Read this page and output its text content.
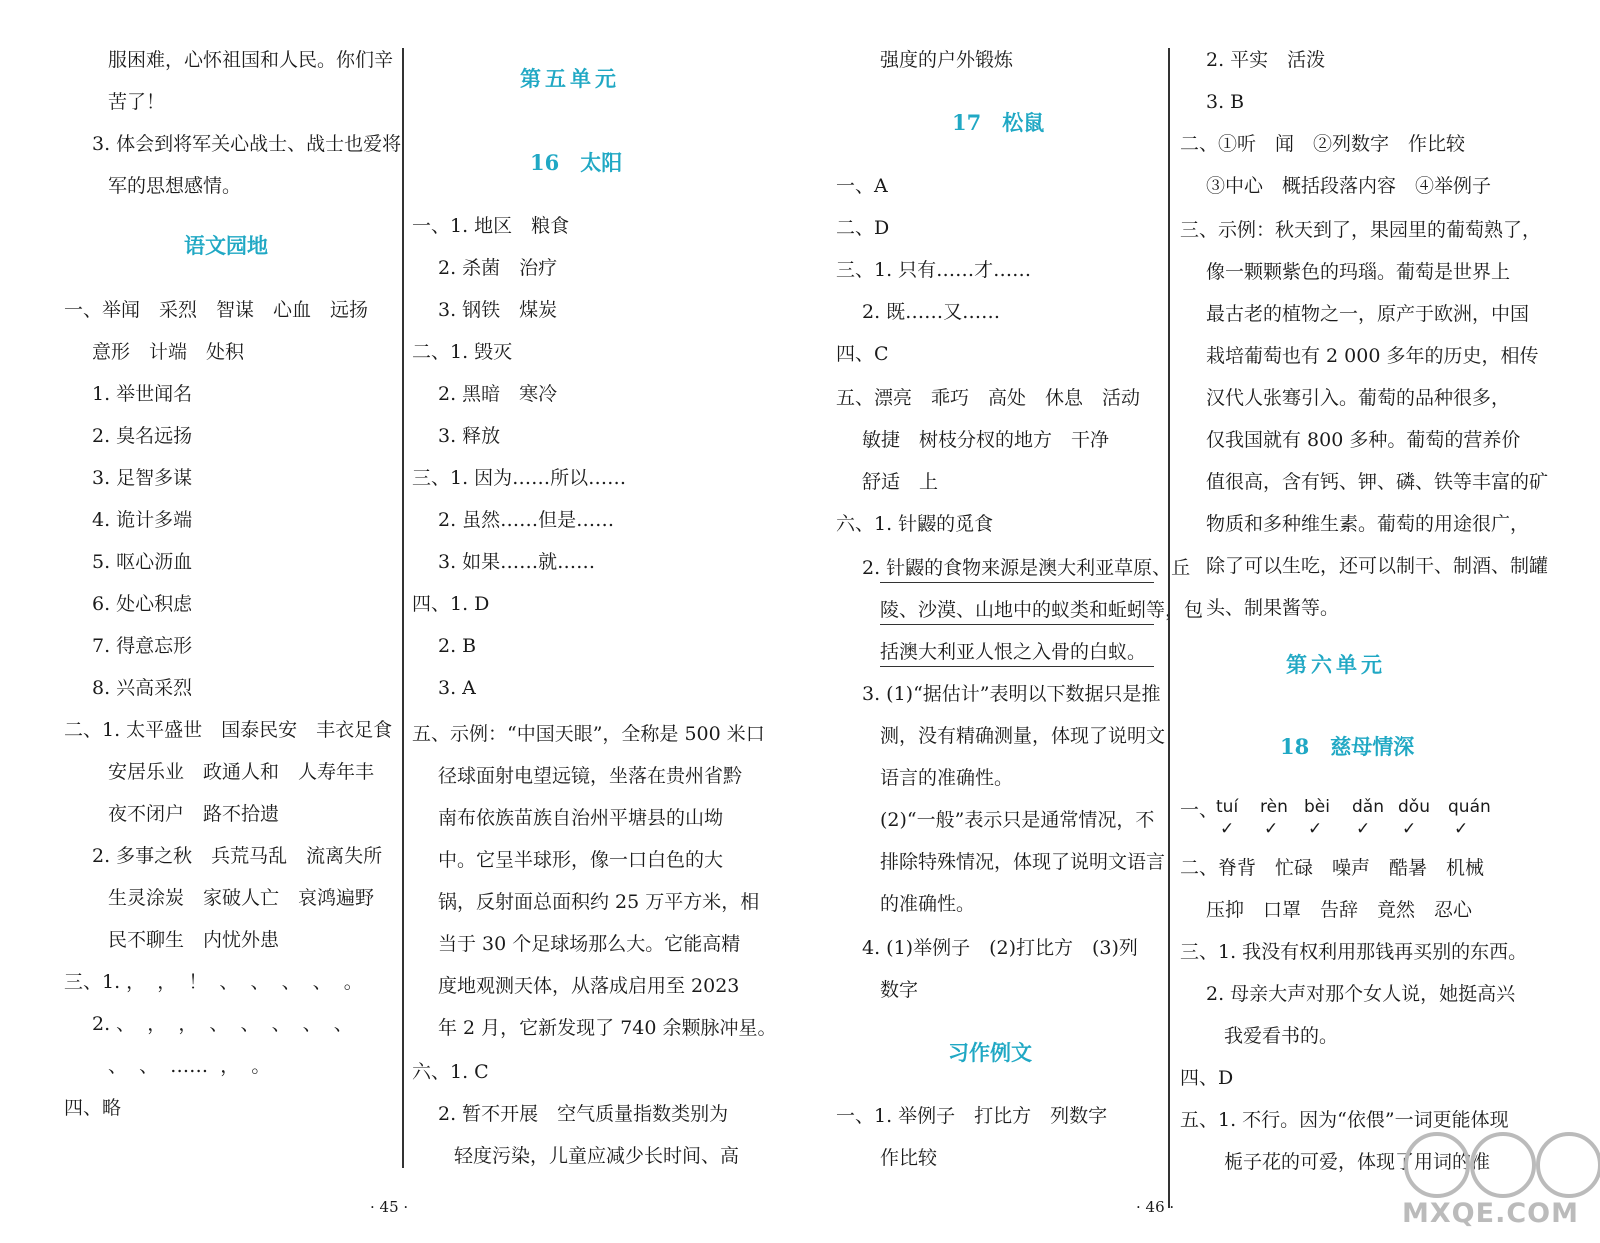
服困难，心怀祖国和人民。你们辛
苦了！
3. 体会到将军关心战士、战士也爱将
军的思想感情。
语文园地
一、举闻　采烈　智谋　心血　远扬
意形　计端　处积
1. 举世闻名
2. 臭名远扬
3. 足智多谋
4. 诡计多端
5. 呕心沥血
6. 处心积虑
7. 得意忘形
8. 兴高采烈
二、1. 太平盛世　国泰民安　丰衣足食
安居乐业　政通人和　人寿年丰
夜不闭户　路不拾遗
2. 多事之秋　兵荒马乱　流离失所
生灵涂炭　家破人亡　哀鸿遍野
民不聊生　内忧外患
三、1. ，  ，  ！  、  、  、  、  。
2. 、  ，  ，  、  、  、  、  、
、  、  ……  ，  。
四、略
· 45 ·
第五单元
16　太阳
一、1. 地区　粮食
2. 杀菌　治疗
3. 钢铁　煤炭
二、1. 毁灭
2. 黑暗　寒冷
3. 释放
三、1. 因为……所以……
2. 虽然……但是……
3. 如果……就……
四、1. D
2. B
3. A
五、示例：“中国天眼”，全称是 500 米口
径球面射电望远镜，坐落在贵州省黔
南布依族苗族自治州平塘县的山坳
中。它呈半球形，像一口白色的大
锅，反射面总面积约 25 万平方米，相
当于 30 个足球场那么大。它能高精
度地观测天体，从落成启用至 2023
年 2 月，它新发现了 740 余颗脉冲星。
六、1. C
2. 暂不开展　空气质量指数类别为
轻度污染，儿童应减少长时间、高
强度的户外锻炼
17　松鼠
一、A
二、D
三、1. 只有……才……
2. 既……又……
四、C
五、漂亮　乖巧　高处　休息　活动
敏捷　树枝分杈的地方　干净
舒适　上
六、1. 针鼹的觅食
2. 针鼹的食物来源是澳大利亚草原、丘
陵、沙漠、山地中的蚁类和蚯蚓等，包
括澳大利亚人恨之入骨的白蚁。
3. (1)“据估计”表明以下数据只是推
测，没有精确测量，体现了说明文
语言的准确性。
(2)“一般”表示只是通常情况，不
排除特殊情况，体现了说明文语言
的准确性。
4. (1)举例子　(2)打比方　(3)列
数字
习作例文
一、1. 举例子　打比方　列数字
作比较
2. 平实　活泼
3. B
二、①听　闻　②列数字　作比较
③中心　概括段落内容　④举例子
三、示例：秋天到了，果园里的葡萄熟了，
像一颗颗紫色的玛瑙。葡萄是世界上
最古老的植物之一，原产于欧洲，中国
栽培葡萄也有 2 000 多年的历史，相传
汉代人张骞引入。葡萄的品种很多，
仅我国就有 800 多种。葡萄的营养价
值很高，含有钙、钾、磷、铁等丰富的矿
物质和多种维生素。葡萄的用途很广，
除了可以生吃，还可以制干、制酒、制罐
头、制果酱等。
第六单元
18　慈母情深
一、
tuí rèn bèi dǎn dǒu quán
✓ ✓ ✓ ✓ ✓ ✓
二、脊背　忙碌　噪声　酷暑　机械
压抑　口罩　告辞　竟然　忍心
三、1. 我没有权利用那钱再买别的东西。
2. 母亲大声对那个女人说，她挺高兴
我爱看书的。
四、D
五、1. 不行。因为“依偎”一词更能体现
栀子花的可爱，体现了用词的准
· 46 ·	MXQE.COM
